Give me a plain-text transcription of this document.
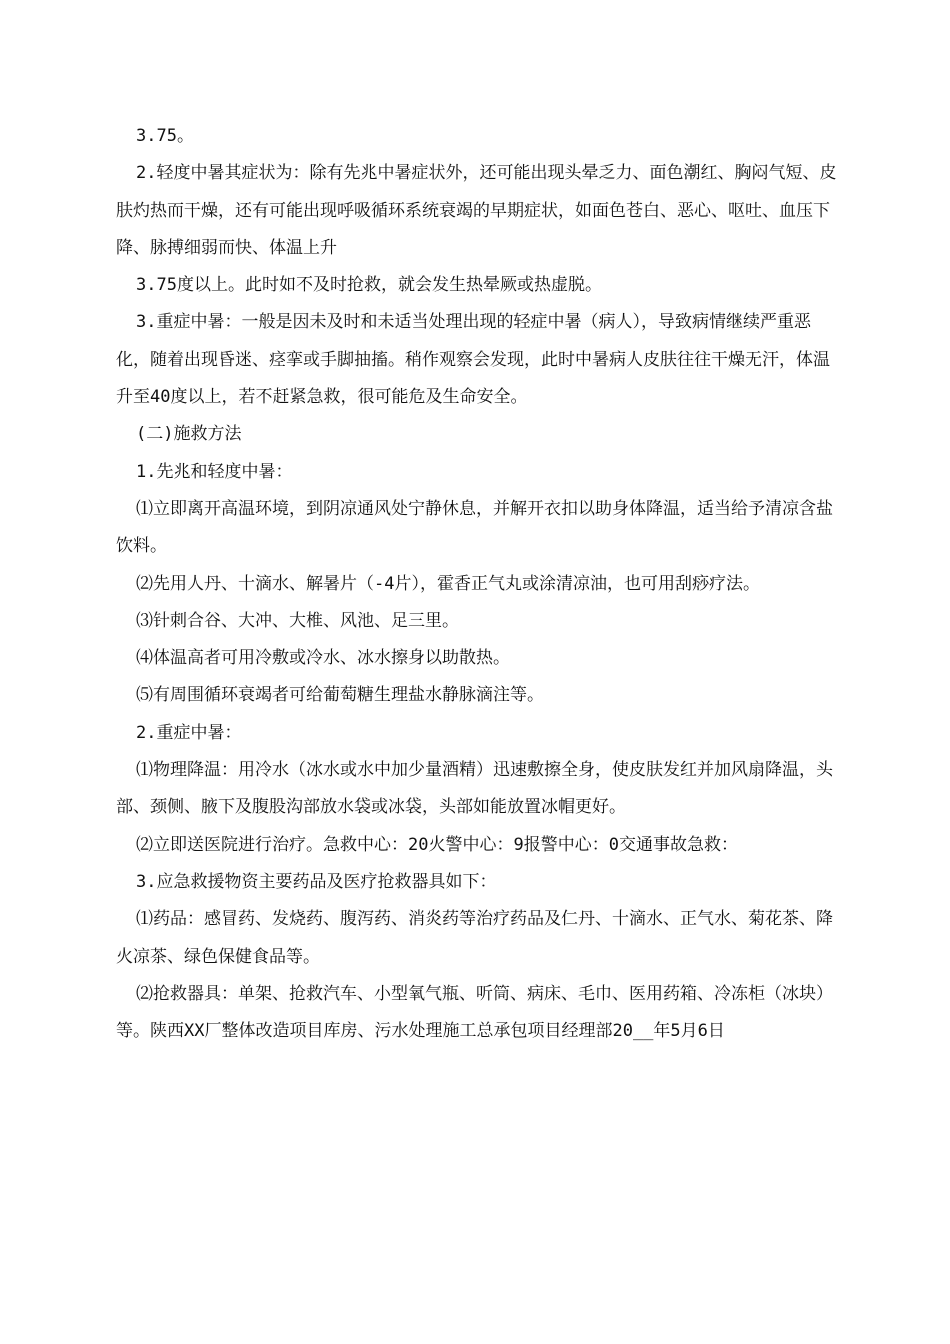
3.75。

2.轻度中暑其症状为：除有先兆中暑症状外，还可能出现头晕乏力、面色潮红、胸闷气短、皮肤灼热而干燥，还有可能出现呼吸循环系统衰竭的早期症状，如面色苍白、恶心、呕吐、血压下降、脉搏细弱而快、体温上升

3.75度以上。此时如不及时抢救，就会发生热晕厥或热虚脱。

3.重症中暑：一般是因未及时和未适当处理出现的轻症中暑（病人），导致病情继续严重恶化，随着出现昏迷、痉挛或手脚抽搐。稍作观察会发现，此时中暑病人皮肤往往干燥无汗，体温升至40度以上，若不赶紧急救，很可能危及生命安全。

(二)施救方法

1.先兆和轻度中暑：

⑴立即离开高温环境，到阴凉通风处宁静休息，并解开衣扣以助身体降温，适当给予清凉含盐饮料。

⑵先用人丹、十滴水、解暑片（-4片），霍香正气丸或涂清凉油，也可用刮痧疗法。

⑶针刺合谷、大冲、大椎、风池、足三里。

⑷体温高者可用冷敷或冷水、冰水擦身以助散热。

⑸有周围循环衰竭者可给葡萄糖生理盐水静脉滴注等。

2.重症中暑：

⑴物理降温：用冷水（冰水或水中加少量酒精）迅速敷擦全身，使皮肤发红并加风扇降温，头部、颈侧、腋下及腹股沟部放水袋或冰袋，头部如能放置冰帽更好。

⑵立即送医院进行治疗。急救中心：20火警中心：9报警中心：0交通事故急救：

3.应急救援物资主要药品及医疗抢救器具如下：

⑴药品：感冒药、发烧药、腹泻药、消炎药等治疗药品及仁丹、十滴水、正气水、菊花茶、降火凉茶、绿色保健食品等。

⑵抢救器具：单架、抢救汽车、小型氧气瓶、听筒、病床、毛巾、医用药箱、冷冻柜（冰块）等。陕西XX厂整体改造项目库房、污水处理施工总承包项目经理部20__年5月6日
